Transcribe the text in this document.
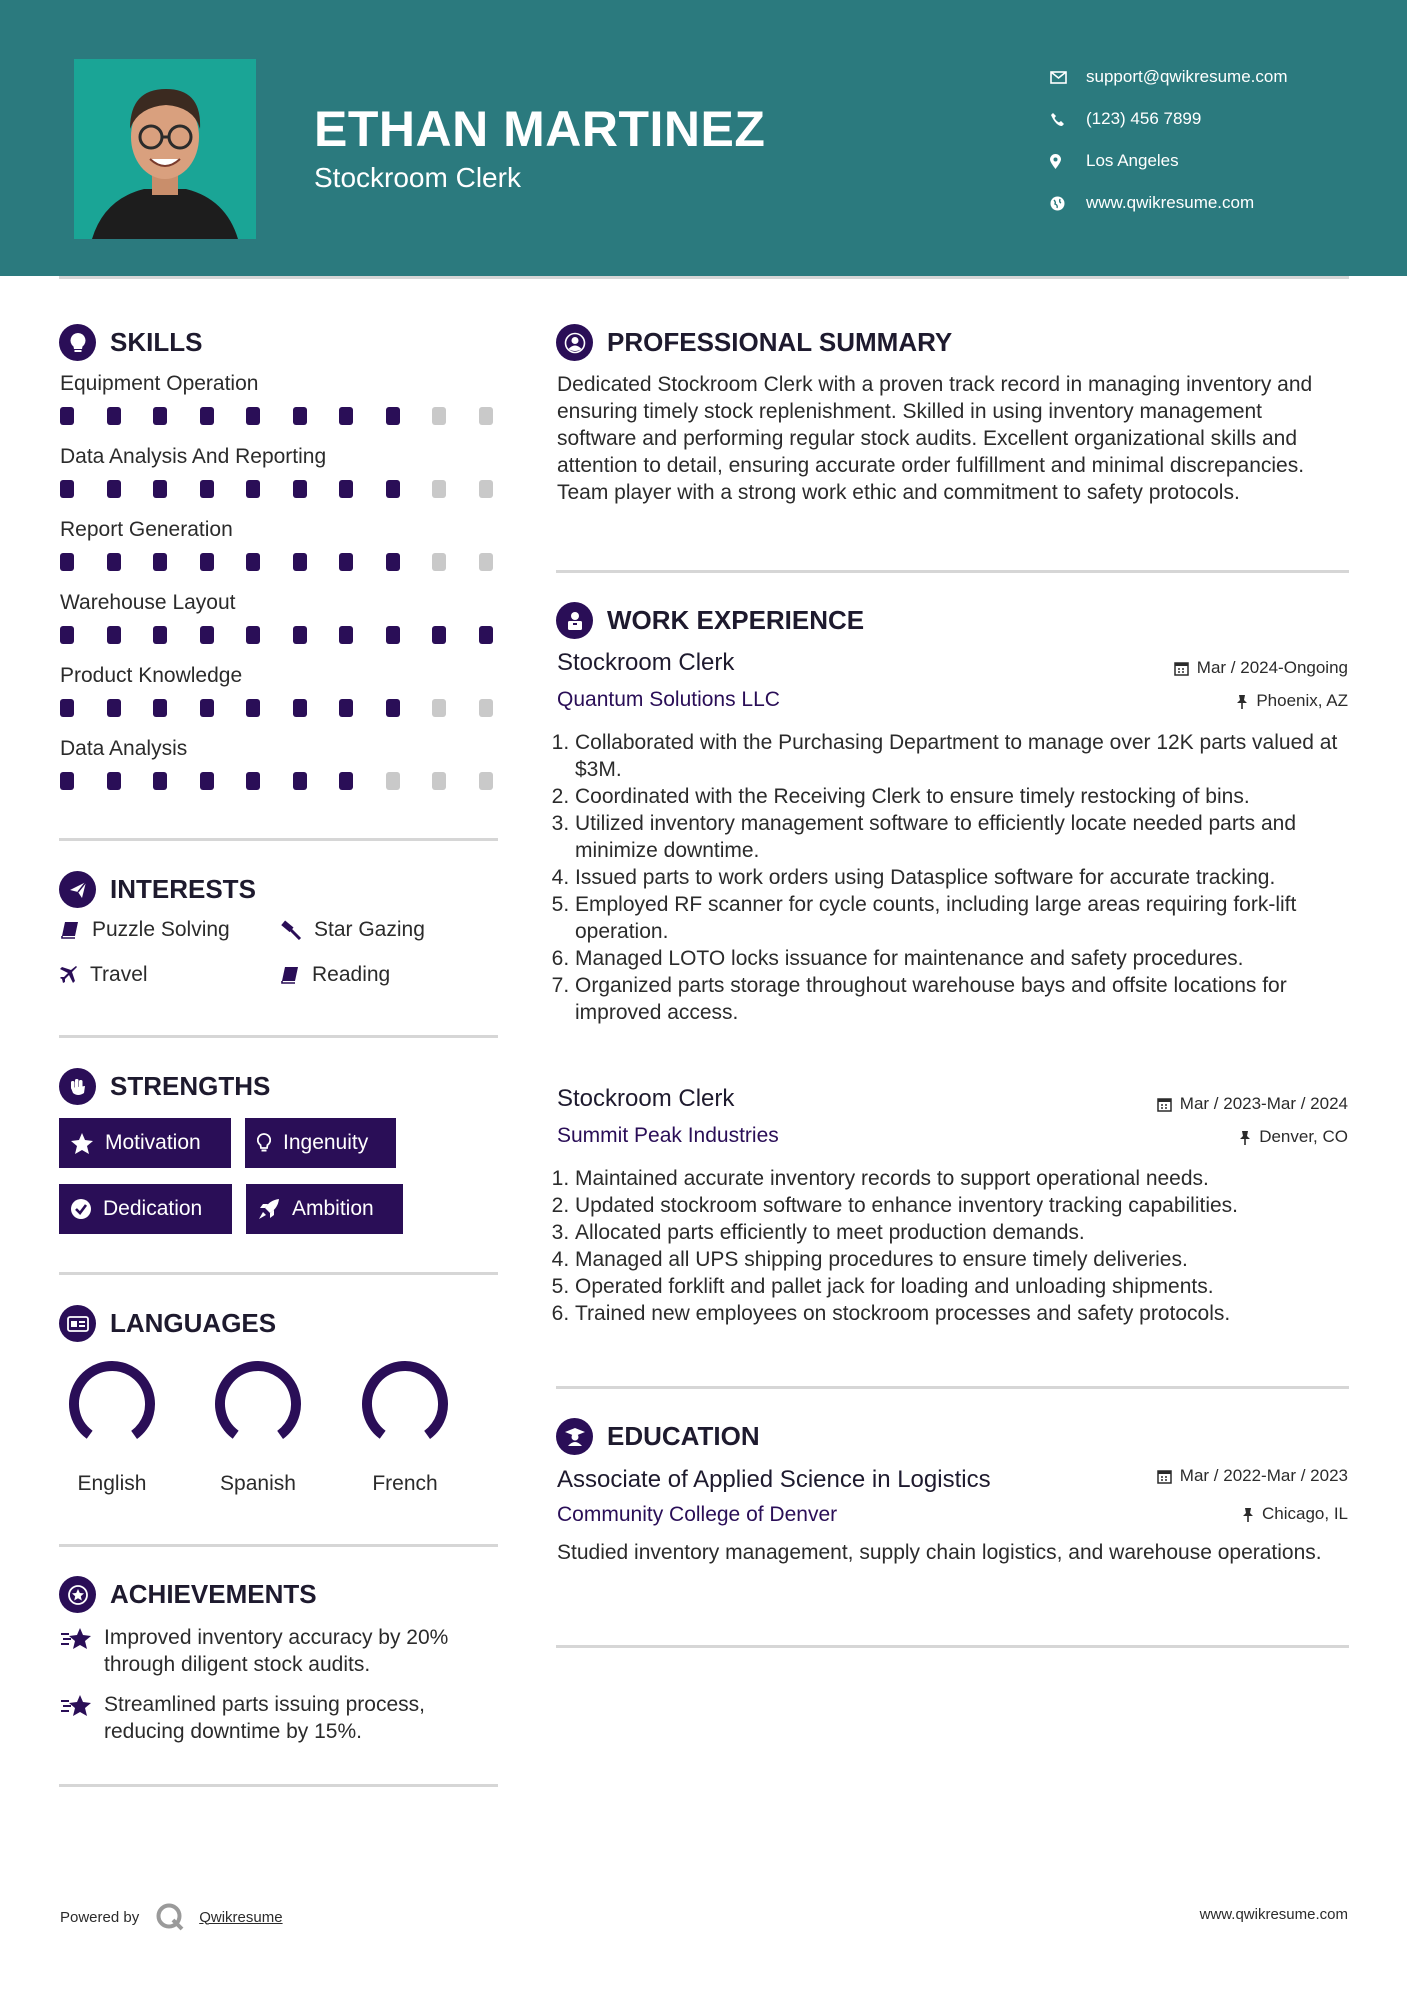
ETHAN MARTINEZ
Stockroom Clerk
support@qwikresume.com
(123) 456 7899
Los Angeles
www.qwikresume.com
SKILLS
Equipment Operation
Data Analysis And Reporting
Report Generation
Warehouse Layout
Product Knowledge
Data Analysis
INTERESTS
Puzzle Solving	Star Gazing
Travel	Reading
STRENGTHS
Motivation	Ingenuity
Dedication	Ambition
LANGUAGES
English	Spanish	French
ACHIEVEMENTS
Improved inventory accuracy by 20% through diligent stock audits.
Streamlined parts issuing process, reducing downtime by 15%.
PROFESSIONAL SUMMARY
Dedicated Stockroom Clerk with a proven track record in managing inventory and ensuring timely stock replenishment. Skilled in using inventory management software and performing regular stock audits. Excellent organizational skills and attention to detail, ensuring accurate order fulfillment and minimal discrepancies. Team player with a strong work ethic and commitment to safety protocols.
WORK EXPERIENCE
Stockroom Clerk	Mar / 2024-Ongoing
Quantum Solutions LLC	Phoenix, AZ
1. Collaborated with the Purchasing Department to manage over 12K parts valued at $3M.
2. Coordinated with the Receiving Clerk to ensure timely restocking of bins.
3. Utilized inventory management software to efficiently locate needed parts and minimize downtime.
4. Issued parts to work orders using Datasplice software for accurate tracking.
5. Employed RF scanner for cycle counts, including large areas requiring fork-lift operation.
6. Managed LOTO locks issuance for maintenance and safety procedures.
7. Organized parts storage throughout warehouse bays and offsite locations for improved access.
Stockroom Clerk	Mar / 2023-Mar / 2024
Summit Peak Industries	Denver, CO
1. Maintained accurate inventory records to support operational needs.
2. Updated stockroom software to enhance inventory tracking capabilities.
3. Allocated parts efficiently to meet production demands.
4. Managed all UPS shipping procedures to ensure timely deliveries.
5. Operated forklift and pallet jack for loading and unloading shipments.
6. Trained new employees on stockroom processes and safety protocols.
EDUCATION
Associate of Applied Science in Logistics	Mar / 2022-Mar / 2023
Community College of Denver	Chicago, IL
Studied inventory management, supply chain logistics, and warehouse operations.
Powered by	Qwikresume	www.qwikresume.com
